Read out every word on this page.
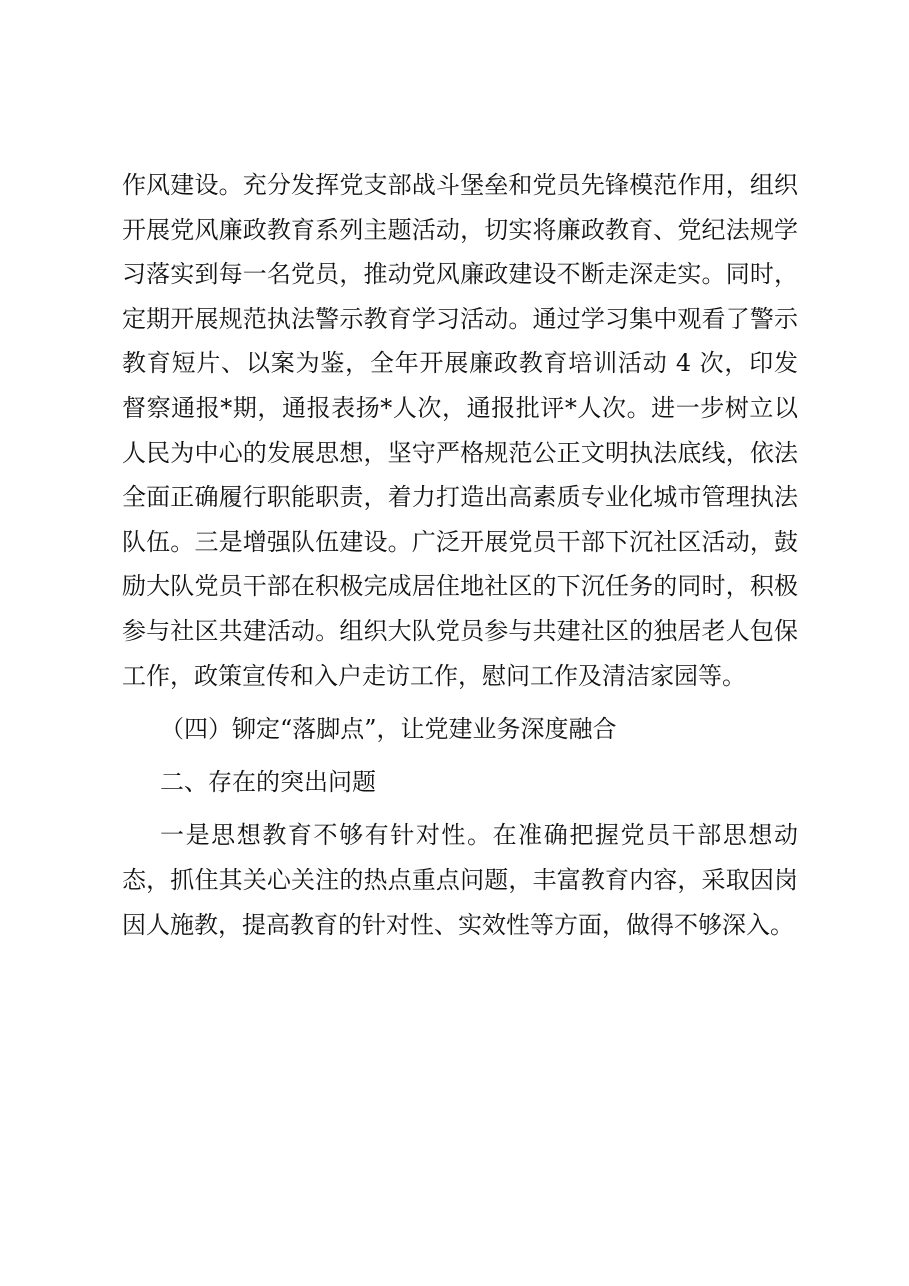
作风建设。充分发挥党支部战斗堡垒和党员先锋模范作用，组织开展党风廉政教育系列主题活动，切实将廉政教育、党纪法规学习落实到每一名党员，推动党风廉政建设不断走深走实。同时，定期开展规范执法警示教育学习活动。通过学习集中观看了警示教育短片、以案为鉴，全年开展廉政教育培训活动 4 次，印发督察通报*期，通报表扬*人次，通报批评*人次。进一步树立以人民为中心的发展思想，坚守严格规范公正文明执法底线，依法全面正确履行职能职责，着力打造出高素质专业化城市管理执法队伍。三是增强队伍建设。广泛开展党员干部下沉社区活动，鼓励大队党员干部在积极完成居住地社区的下沉任务的同时，积极参与社区共建活动。组织大队党员参与共建社区的独居老人包保工作，政策宣传和入户走访工作，慰问工作及清洁家园等。

（四）铆定“落脚点”，让党建业务深度融合

二、存在的突出问题

一是思想教育不够有针对性。在准确把握党员干部思想动态，抓住其关心关注的热点重点问题，丰富教育内容，采取因岗因人施教，提高教育的针对性、实效性等方面，做得不够深入。
